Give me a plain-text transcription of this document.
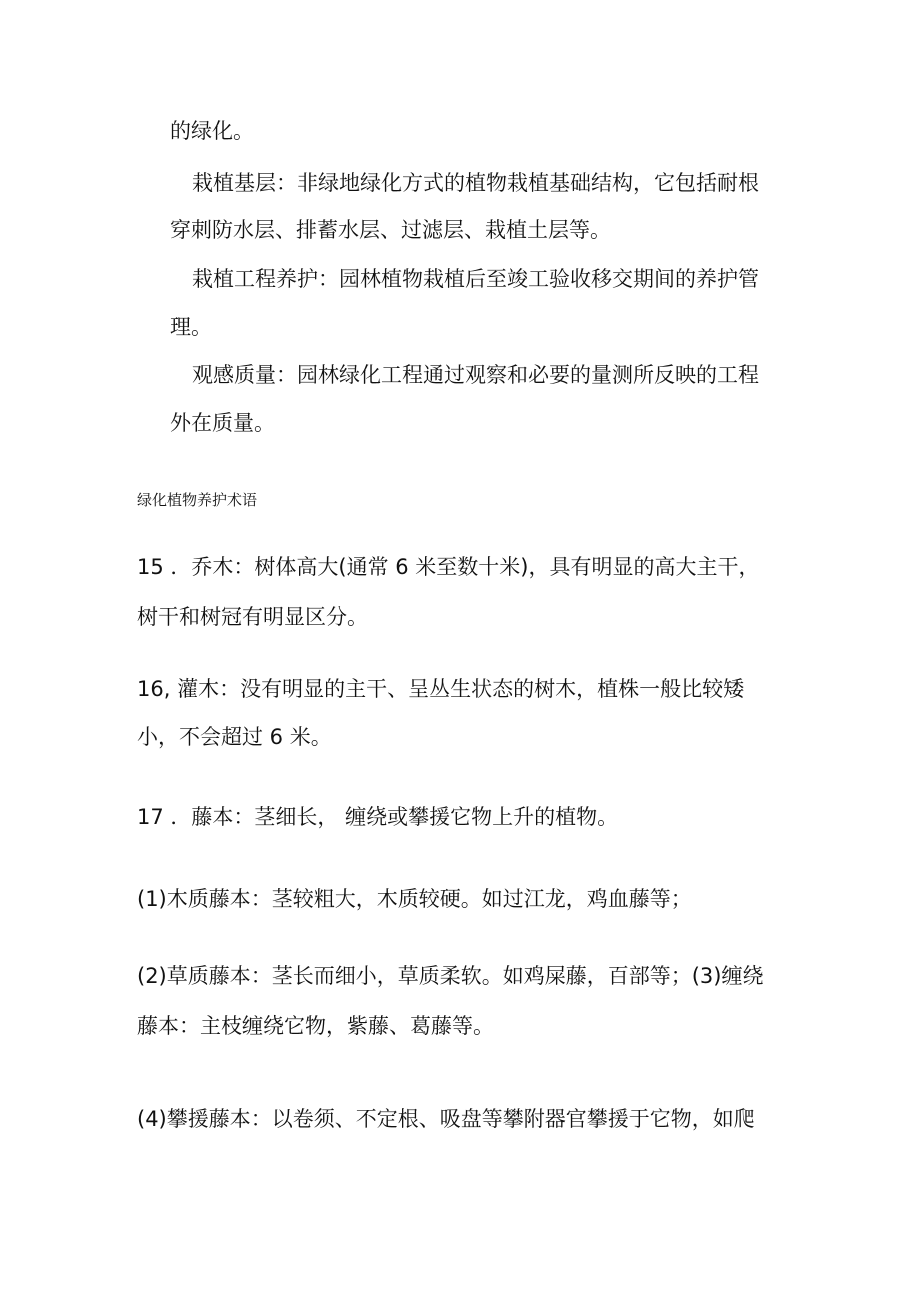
的绿化。
栽植基层：非绿地绿化方式的植物栽植基础结构，它包括耐根
穿刺防水层、排蓄水层、过滤层、栽植土层等。
栽植工程养护：园林植物栽植后至竣工验收移交期间的养护管
理。
观感质量：园林绿化工程通过观察和必要的量测所反映的工程
外在质量。
绿化植物养护术语
15 ．乔木：树体高大(通常 6 米至数十米)，具有明显的高大主干，
树干和树冠有明显区分。
16, 灌木：没有明显的主干、呈丛生状态的树木，植株一般比较矮
小，不会超过 6 米。
17 ．藤本：茎细长， 缠绕或攀援它物上升的植物。
(1)木质藤本：茎较粗大，木质较硬。如过江龙，鸡血藤等；
(2)草质藤本：茎长而细小，草质柔软。如鸡屎藤，百部等；(3)缠绕
藤本：主枝缠绕它物，紫藤、葛藤等。
(4)攀援藤本：以卷须、不定根、吸盘等攀附器官攀援于它物，如爬
